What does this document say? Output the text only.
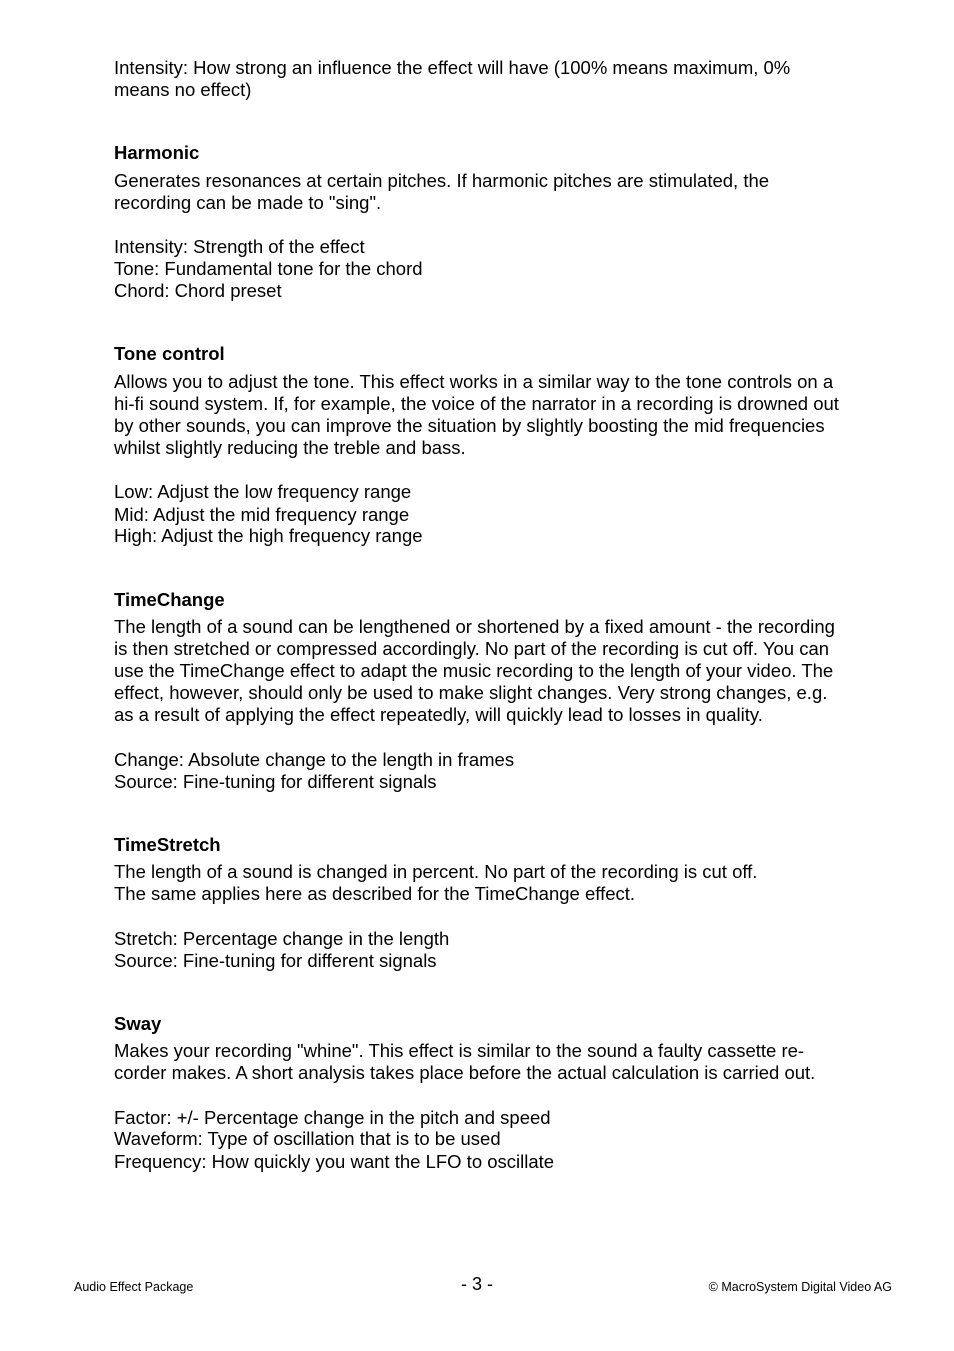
Intensity: How strong an influence the effect will have (100% means maximum, 0%
means no effect)
Harmonic
Generates resonances at certain pitches. If harmonic pitches are stimulated, the
recording can be made to "sing".
Intensity: Strength of the effect
Tone: Fundamental tone for the chord
Chord: Chord preset
Tone control
Allows you to adjust the tone. This effect works in a similar way to the tone controls on a
hi-fi sound system. If, for example, the voice of the narrator in a recording is drowned out
by other sounds, you can improve the situation by slightly boosting the mid frequencies
whilst slightly reducing the treble and bass.
Low: Adjust the low frequency range
Mid: Adjust the mid frequency range
High: Adjust the high frequency range
TimeChange
The length of a sound can be lengthened or shortened by a fixed amount - the recording
is then stretched or compressed accordingly. No part of the recording is cut off. You can
use the TimeChange effect to adapt the music recording to the length of your video. The
effect, however, should only be used to make slight changes. Very strong changes, e.g.
as a result of applying the effect repeatedly, will quickly lead to losses in quality.
Change: Absolute change to the length in frames
Source: Fine-tuning for different signals
TimeStretch
The length of a sound is changed in percent. No part of the recording is cut off.
The same applies here as described for the TimeChange effect.
Stretch: Percentage change in the length
Source: Fine-tuning for different signals
Sway
Makes your recording "whine". This effect is similar to the sound a faulty cassette re-
corder makes. A short analysis takes place before the actual calculation is carried out.
Factor: +/- Percentage change in the pitch and speed
Waveform: Type of oscillation that is to be used
Frequency: How quickly you want the LFO to oscillate
Audio Effect Package	- 3 -	© MacroSystem Digital Video AG
